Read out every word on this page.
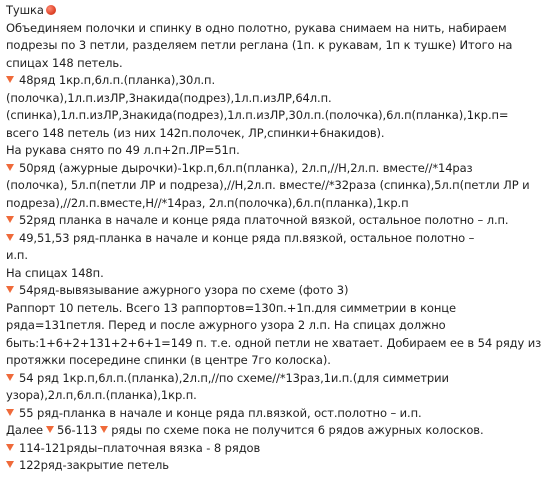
Тушка
Объединяем полочки и спинку в одно полотно, рукава снимаем на нить, набираем
подрезы по 3 петли, разделяем петли реглана (1п. к рукавам, 1п к тушке) Итого на
спицах 148 петель.
48ряд 1кр.п,6л.п.(планка),30л.п.
(полочка),1л.п.изЛР,3накида(подрез),1л.п.изЛР,64л.п.
(спинка),1л.п.изЛР,3накида(подрез),1л.п.изЛР,30л.п.(полочка),6л.п(планка),1кр.п=
всего 148 петель (из них 142п.полочек, ЛР,спинки+6накидов).
На рукава снято по 49 л.п+2п.ЛР=51п.
50ряд (ажурные дырочки)-1кр.п,6л.п(планка), 2л.п,//Н,2л.п. вместе//*14раз
(полочка), 5л.п(петли ЛР и подреза),//Н,2л.п. вместе//*32раза (спинка),5л.п(петли ЛР и
подреза),//2л.п.вместе,Н//*14раз, 2л.п(полочка),6л.п(планка),1кр.п
52ряд планка в начале и конце ряда платочной вязкой, остальное полотно – л.п.
49,51,53 ряд-планка в начале и конце ряда пл.вязкой, остальное полотно –
и.п.
На спицах 148п.
54ряд-вывязывание ажурного узора по схеме (фото 3)
Раппорт 10 петель. Всего 13 раппортов=130п.+1п.для симметрии в конце
ряда=131петля. Перед и после ажурного узора 2 л.п. На спицах должно
быть:1+6+2+131+2+6+1=149 п. т.е. одной петли не хватает. Добираем ее в 54 ряду из
протяжки посередине спинки (в центре 7го колоска).
54 ряд 1кр.п,6л.п.(планка),2л.п,//по схеме//*13раз,1и.п.(для симметрии
узора),2л.п,6л.п.(планка),1кр.п.
55 ряд-планка в начале и конце ряда пл.вязкой, ост.полотно – и.п.
Далее 56-113 ряды по схеме пока не получится 6 рядов ажурных колосков.
114-121ряды–платочная вязка - 8 рядов
122ряд-закрытие петель
